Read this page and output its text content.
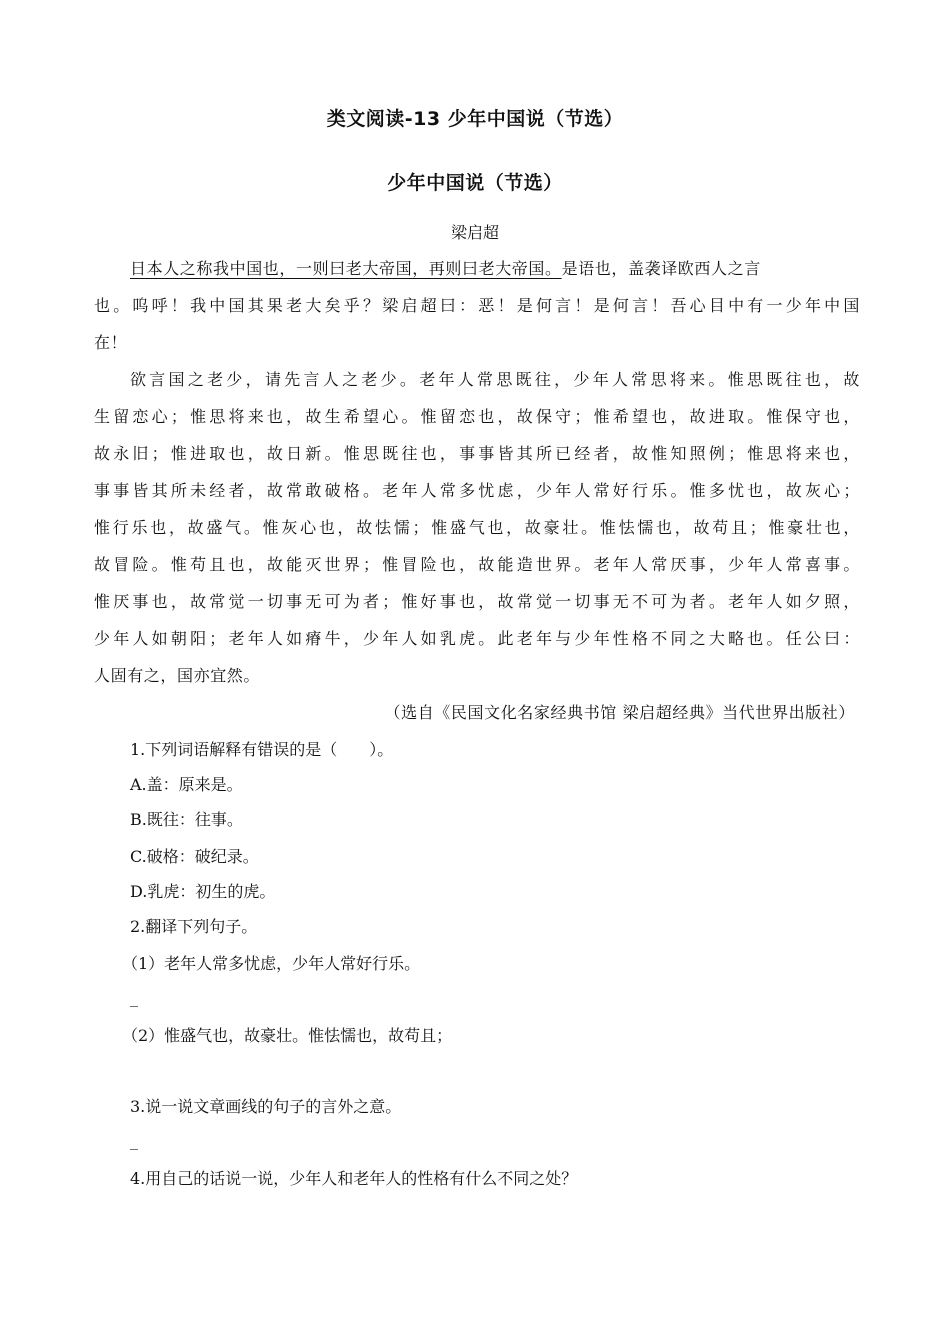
类文阅读-13 少年中国说（节选）
少年中国说（节选）
梁启超
日本人之称我中国也，一则曰老大帝国，再则曰老大帝国。是语也，盖袭译欧西人之言
也。呜呼！我中国其果老大矣乎？梁启超曰：恶！是何言！是何言！吾心目中有一少年中国
在！
欲言国之老少，请先言人之老少。老年人常思既往，少年人常思将来。惟思既往也，故
生留恋心；惟思将来也，故生希望心。惟留恋也，故保守；惟希望也，故进取。惟保守也，
故永旧；惟进取也，故日新。惟思既往也，事事皆其所已经者，故惟知照例；惟思将来也，
事事皆其所未经者，故常敢破格。老年人常多忧虑，少年人常好行乐。惟多忧也，故灰心；
惟行乐也，故盛气。惟灰心也，故怯懦；惟盛气也，故豪壮。惟怯懦也，故苟且；惟豪壮也，
故冒险。惟苟且也，故能灭世界；惟冒险也，故能造世界。老年人常厌事，少年人常喜事。
惟厌事也，故常觉一切事无可为者；惟好事也，故常觉一切事无不可为者。老年人如夕照，
少年人如朝阳；老年人如瘠牛，少年人如乳虎。此老年与少年性格不同之大略也。任公曰：
人固有之，国亦宜然。
（选自《民国文化名家经典书馆 梁启超经典》当代世界出版社）
1.下列词语解释有错误的是（　　）。
A.盖：原来是。
B.既往：往事。
C.破格：破纪录。
D.乳虎：初生的虎。
2.翻译下列句子。
（1）老年人常多忧虑，少年人常好行乐。
_
（2）惟盛气也，故豪壮。惟怯懦也，故苟且；
3.说一说文章画线的句子的言外之意。
_
4.用自己的话说一说，少年人和老年人的性格有什么不同之处？
